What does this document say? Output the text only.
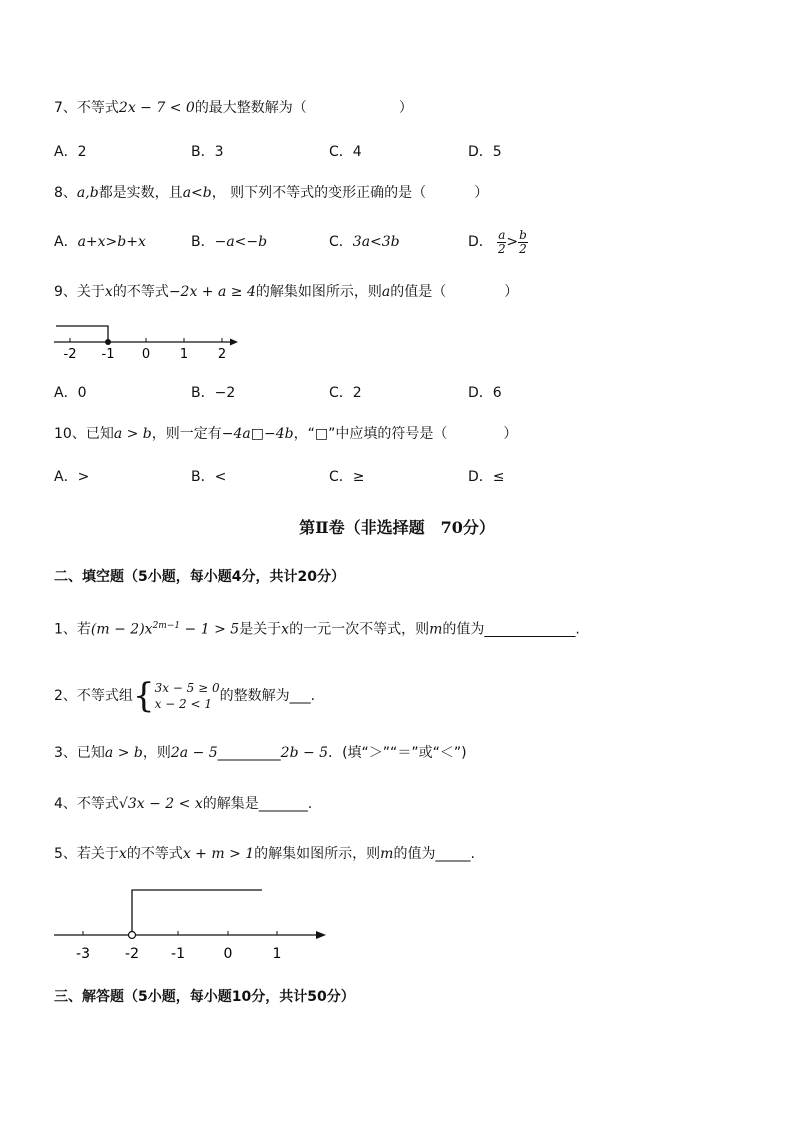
7、不等式2x − 7 < 0的最大整数解为（	）
A．2	B．3	C．4	D．5
8、a,b都是实数，且a<b， 则下列不等式的变形正确的是（	）
A．a+x>b+x	B．−a<−b	C．3a<3b	D． $\frac{a}{2} > \frac{b}{2}$
9、关于x的不等式−2x + a ≥ 4的解集如图所示，则a的值是（	）
-2 -1 0 1 2
A．0	B．−2	C．2	D．6
10、已知a > b，则一定有−4a□−4b，“□”中应填的符号是（	）
A．>	B．<	C．≥	D．≤
第Ⅱ卷（非选择题　70分）
二、填空题（5小题，每小题4分，共计20分）
1、若$(m - 2)x^{2m-1} - 1 > 5$是关于x的一元一次不等式，则m的值为_____________.
2、不等式组{ 3x − 5 ≥ 0
x − 2 < 1 的整数解为___.
3、已知a > b，则2a − 5_________2b − 5．(填“＞”“＝”或“＜”)
4、不等式√3x − 2 < x的解集是_______.
5、若关于x的不等式x + m > 1的解集如图所示，则m的值为_____.
-3	-2 -1	0	1
三、解答题（5小题，每小题10分，共计50分）
